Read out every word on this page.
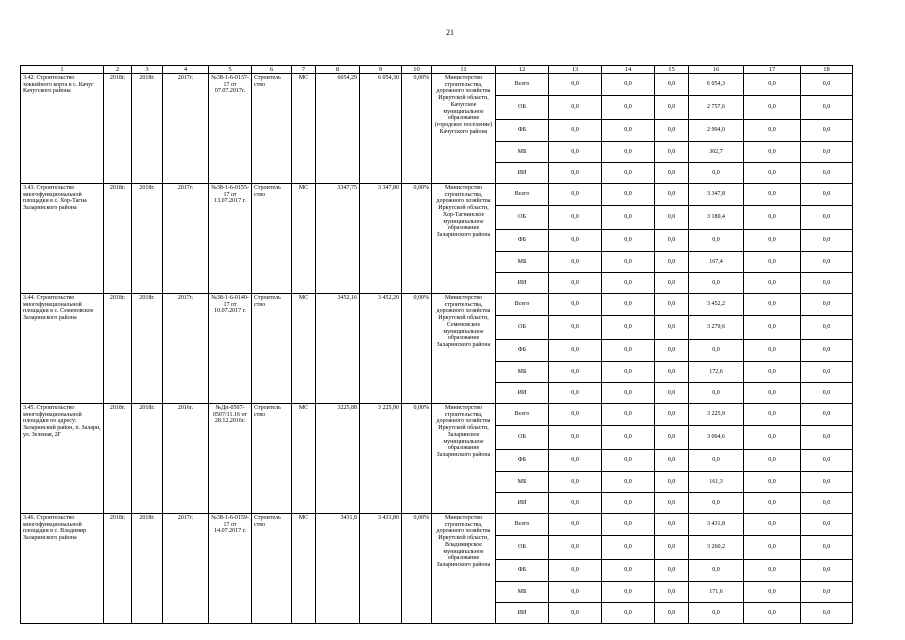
21
1	2	3	4	5	6	7	8	9	10	11	12	13	14	15	16	17	18
3.42. Строительство хоккейного корта в с. Качуг Качугского района	2018г.	2018г.	2017г.	№38-1-6-0137-17 от 07.07.2017г.	Строитель ство	МС	6054,29	6 054,30	0,00%	Министерство строительства, дорожного хозяйства Иркутской области, Качугское муниципальное образование (городское поселение) Качугского района	Всего	0,0	0,0	0,0	6 054,3	0,0	0,0
											ОБ	0,0	0,0	0,0	2 757,6	0,0	0,0
											ФБ	0,0	0,0	0,0	2 994,0	0,0	0,0
											МБ	0,0	0,0	0,0	302,7	0,0	0,0
											ИИ	0,0	0,0	0,0	0,0	0,0	0,0
3.43. Строительство многофункциональной площадки в с. Хор-Тагна Заларинского района	2018г.	2018г.	2017г.	№38-1-6-0155-17 от 13.07.2017 г.	Строитель ство	МС	3347,75	3 347,80	0,00%	Министерство строительства, дорожного хозяйства Иркутской области, Хор-Тагнинское муниципальное образование Заларинского района	Всего	0,0	0,0	0,0	3 347,8	0,0	0,0
											ОБ	0,0	0,0	0,0	3 180,4	0,0	0,0
											ФБ	0,0	0,0	0,0	0,0	0,0	0,0
											МБ	0,0	0,0	0,0	167,4	0,0	0,0
											ИИ	0,0	0,0	0,0	0,0	0,0	0,0
3.44. Строительство многофункциональной площадки в с. Семеновское Заларинского района	2018г.	2018г.	2017г.	№38-1-6-0140-17 от 10.07.2017 г.	Строитель ство	МС	3452,16	3 452,20	0,00%	Министерство строительства, дорожного хозяйства Иркутской области, Семеновское муниципальное образование Заларинского района	Всего	0,0	0,0	0,0	3 452,2	0,0	0,0
											ОБ	0,0	0,0	0,0	3 279,6	0,0	0,0
											ФБ	0,0	0,0	0,0	0,0	0,0	0,0
											МБ	0,0	0,0	0,0	172,6	0,0	0,0
											ИИ	0,0	0,0	0,0	0,0	0,0	0,0
3.45. Строительство многофункциональной площадки по адресу: Заларинский район, п. Залари, ул. Зеленая, 2Г	2018г.	2018г.	2016г.	№Дп-0507-0507/11.16 от 28.12.2016г.	Строитель ство	МС	3225,88	3 225,90	0,00%	Министерство строительства, дорожного хозяйства Иркутской области, Заларинское муниципальное образование Заларинского района	Всего	0,0	0,0	0,0	3 225,9	0,0	0,0
											ОБ	0,0	0,0	0,0	3 064,6	0,0	0,0
											ФБ	0,0	0,0	0,0	0,0	0,0	0,0
											МБ	0,0	0,0	0,0	161,3	0,0	0,0
											ИИ	0,0	0,0	0,0	0,0	0,0	0,0
3.46. Строительство многофункциональной площадки в с. Владимир Заларинского района	2018г.	2018г.	2017г.	№38-1-6-0159-17 от 14.07.2017 г.	Строитель ство	МС	3431,8	3 431,80	0,00%	Министерство строительства, дорожного хозяйства Иркутской области, Владимирское муниципальное образование Заларинского района	Всего	0,0	0,0	0,0	3 431,8	0,0	0,0
											ОБ	0,0	0,0	0,0	3 260,2	0,0	0,0
											ФБ	0,0	0,0	0,0	0,0	0,0	0,0
											МБ	0,0	0,0	0,0	171,6	0,0	0,0
											ИИ	0,0	0,0	0,0	0,0	0,0	0,0
